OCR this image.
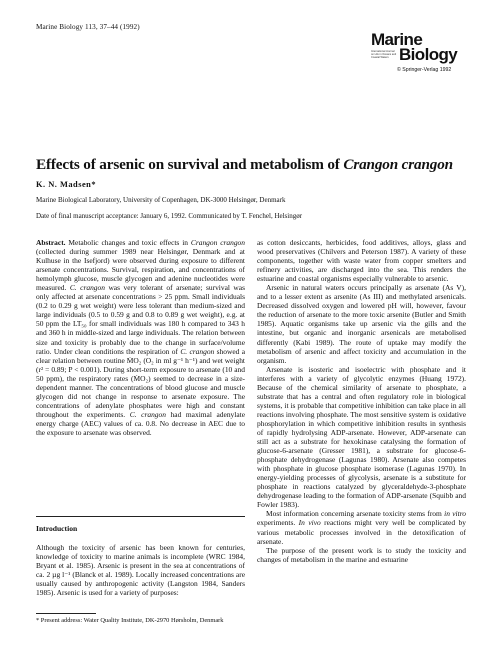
Marine Biology 113, 37–44 (1992)
Marine
International Journal on Life in Oceans and Coastal Waters Biology
© Springer-Verlag 1992
Effects of arsenic on survival and metabolism of Crangon crangon
K. N. Madsen*
Marine Biological Laboratory, University of Copenhagen, DK-3000 Helsingør, Denmark
Date of final manuscript acceptance: January 6, 1992. Communicated by T. Fenchel, Helsingør

Abstract. Metabolic changes and toxic effects in Crangon crangon (collected during summer 1989 near Helsingør, Denmark and at Kulhuse in the Isefjord) were observed during exposure to different arsenate concentrations. Survival, respiration, and concentrations of hemolymph glucose, muscle glycogen and adenine nucleotides were measured. C. crangon was very tolerant of arsenate; survival was only affected at arsenate concentrations > 25 ppm. Small individuals (0.2 to 0.29 g wet weight) were less tolerant than medium-sized and large individuals (0.5 to 0.59 g and 0.8 to 0.89 g wet weight), e.g. at 50 ppm the LT₅₀ for small individuals was 180 h compared to 343 h and 360 h in middle-sized and large individuals. The relation between size and toxicity is probably due to the change in surface/volume ratio. Under clean conditions the respiration of C. crangon showed a clear relation between routine ṀO₂ (O₂ in ml g⁻¹ h⁻¹) and wet weight (r² = 0.89; P < 0.001). During short-term exposure to arsenate (10 and 50 ppm), the respiratory rates (ṀO₂) seemed to decrease in a size-dependent manner. The concentrations of blood glucose and muscle glycogen did not change in response to arsenate exposure. The concentrations of adenylate phosphates were high and constant throughout the experiments. C. crangon had maximal adenylate energy charge (AEC) values of ca. 0.8. No decrease in AEC due to the exposure to arsenate was observed.

Introduction

Although the toxicity of arsenic has been known for centuries, knowledge of toxicity to marine animals is incomplete (WRC 1984, Bryant et al. 1985). Arsenic is present in the sea at concentrations of ca. 2 µg l⁻¹ (Blanck et al. 1989). Locally increased concentrations are usually caused by anthropogenic activity (Langston 1984, Sanders 1985). Arsenic is used for a variety of purposes:

* Present address: Water Quality Institute, DK-2970 Hørsholm, Denmark

as cotton desiccants, herbicides, food additives, alloys, glass and wood preservatives (Chilvers and Peterson 1987). A variety of these components, together with waste water from copper smelters and refinery activities, are discharged into the sea. This renders the estuarine and coastal organisms especially vulnerable to arsenic.

Arsenic in natural waters occurs principally as arsenate (As V), and to a lesser extent as arsenite (As III) and methylated arsenicals. Decreased dissolved oxygen and lowered pH will, however, favour the reduction of arsenate to the more toxic arsenite (Butler and Smith 1985). Aquatic organisms take up arsenic via the gills and the intestine, but organic and inorganic arsenicals are metabolised differently (Kabi 1989). The route of uptake may modify the metabolism of arsenic and affect toxicity and accumulation in the organism.

Arsenate is isosteric and isoelectric with phosphate and it interferes with a variety of glycolytic enzymes (Huang 1972). Because of the chemical similarity of arsenate to phosphate, a substrate that has a central and often regulatory role in biological systems, it is probable that competitive inhibition can take place in all reactions involving phosphate. The most sensitive system is oxidative phosphorylation in which competitive inhibition results in synthesis of rapidly hydrolysing ADP-arsenate. However, ADP-arsenate can still act as a substrate for hexokinase catalysing the formation of glucose-6-arsenate (Gresser 1981), a substrate for glucose-6-phosphate dehydrogenase (Lagunas 1980). Arsenate also competes with phosphate in glucose phosphate isomerase (Lagunas 1970). In energy-yielding processes of glycolysis, arsenate is a substitute for phosphate in reactions catalyzed by glyceraldehyde-3-phosphate dehydrogenase leading to the formation of ADP-arsenate (Squibb and Fowler 1983).

Most information concerning arsenate toxicity stems from in vitro experiments. In vivo reactions might very well be complicated by various metabolic processes involved in the detoxification of arsenate.

The purpose of the present work is to study the toxicity and changes of metabolism in the marine and estuarine
